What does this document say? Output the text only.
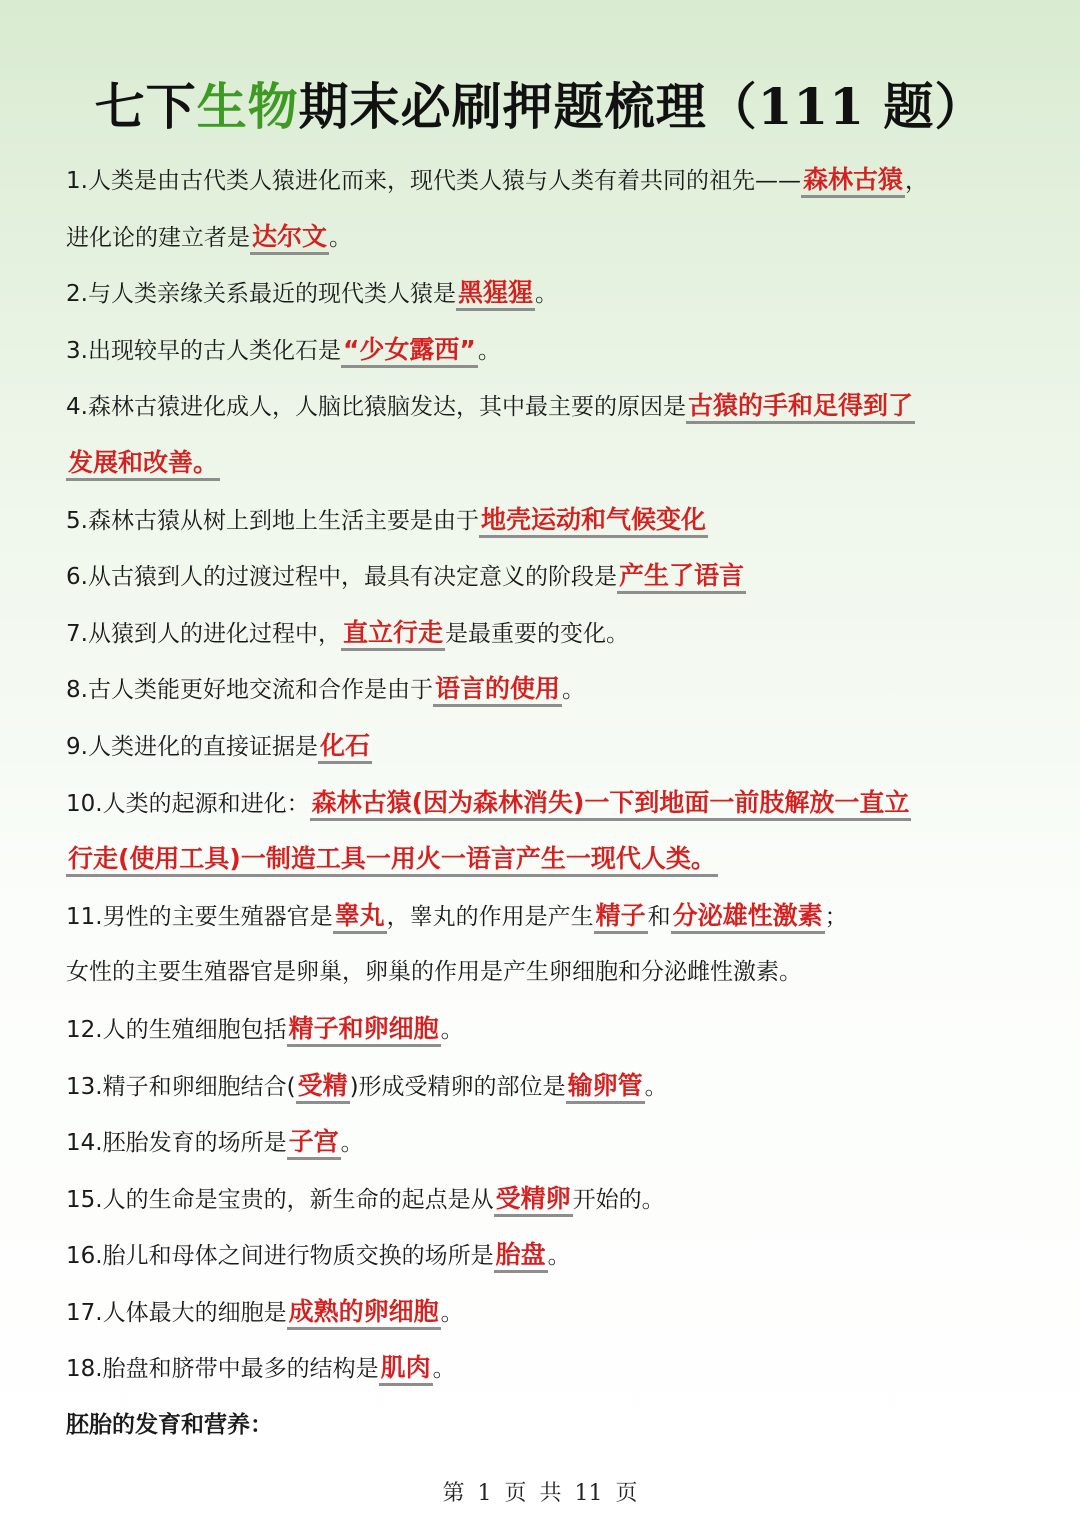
七下生物期末必刷押题梳理（111 题）
1.人类是由古代类人猿进化而来，现代类人猿与人类有着共同的祖先——森林古猿，
进化论的建立者是达尔文。
2.与人类亲缘关系最近的现代类人猿是黑猩猩。
3.出现较早的古人类化石是“少女露西”。
4.森林古猿进化成人，人脑比猿脑发达，其中最主要的原因是古猿的手和足得到了
发展和改善。
5.森林古猿从树上到地上生活主要是由于地壳运动和气候变化
6.从古猿到人的过渡过程中，最具有决定意义的阶段是产生了语言
7.从猿到人的进化过程中，直立行走是最重要的变化。
8.古人类能更好地交流和合作是由于语言的使用。
9.人类进化的直接证据是化石
10.人类的起源和进化：森林古猿(因为森林消失)一下到地面一前肢解放一直立
行走(使用工具)一制造工具一用火一语言产生一现代人类。
11.男性的主要生殖器官是睾丸，睾丸的作用是产生精子和分泌雄性激素；
女性的主要生殖器官是卵巢，卵巢的作用是产生卵细胞和分泌雌性激素。
12.人的生殖细胞包括精子和卵细胞。
13.精子和卵细胞结合(受精)形成受精卵的部位是输卵管。
14.胚胎发育的场所是子宫。
15.人的生命是宝贵的，新生命的起点是从受精卵开始的。
16.胎儿和母体之间进行物质交换的场所是胎盘。
17.人体最大的细胞是成熟的卵细胞。
18.胎盘和脐带中最多的结构是肌肉。
胚胎的发育和营养：
第 1 页 共 11 页
